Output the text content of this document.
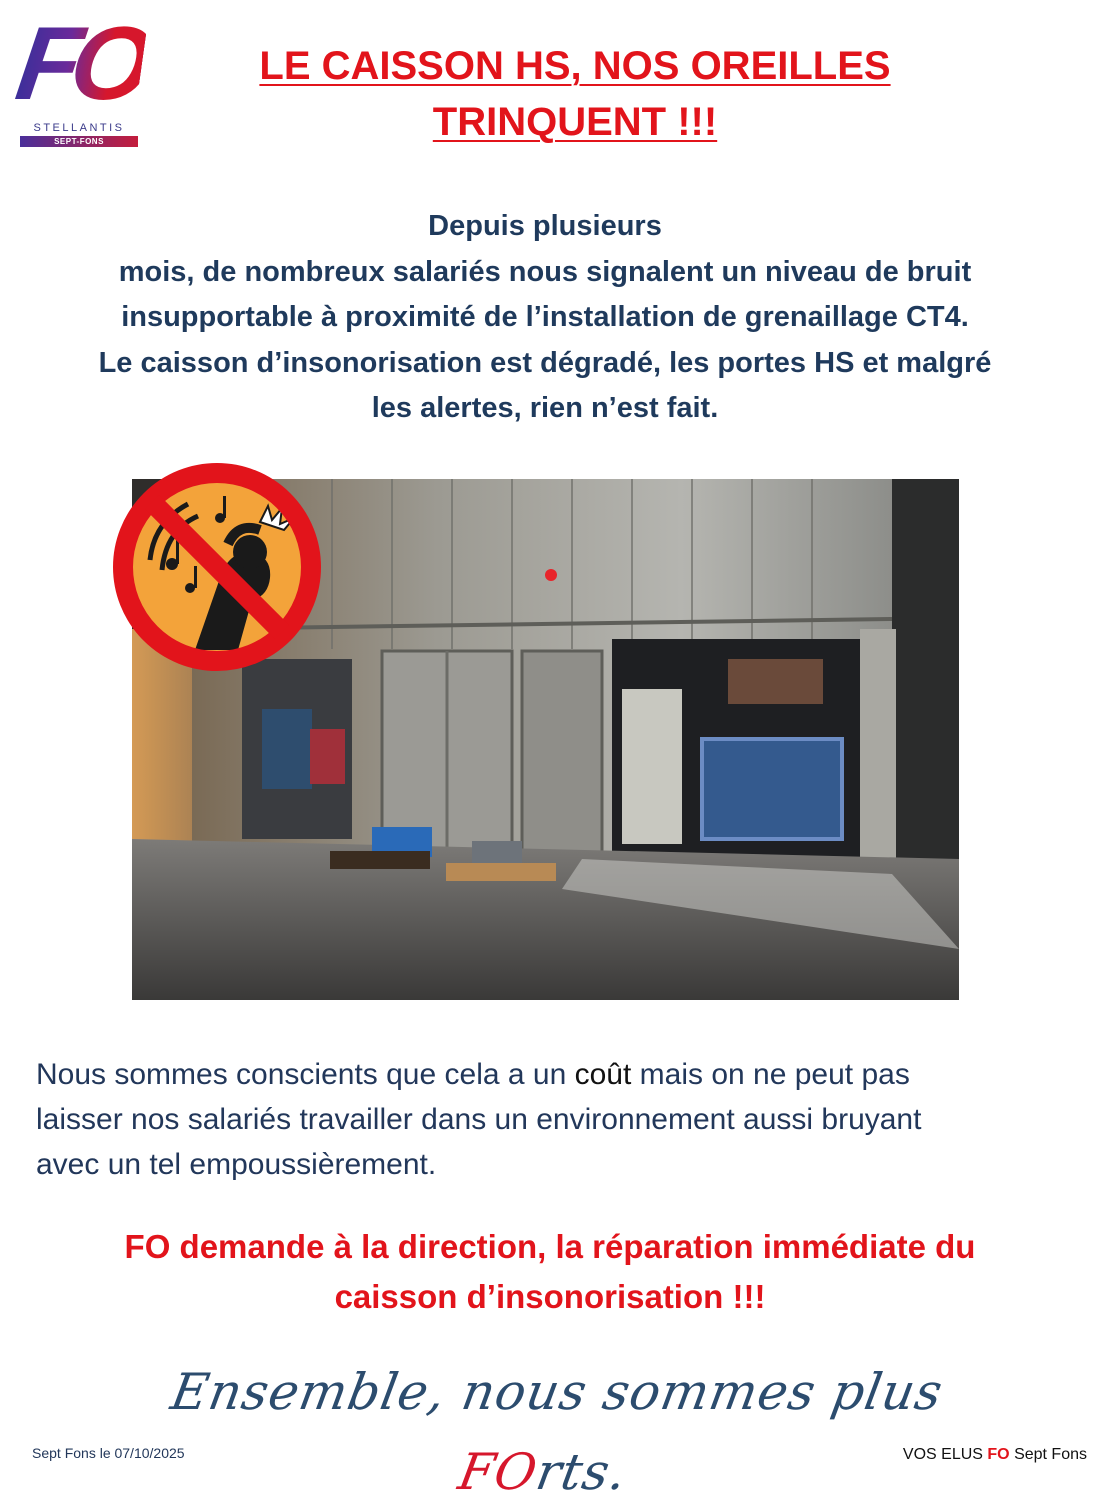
FO
STELLANTIS
SEPT-FONS
LE CAISSON HS, NOS OREILLES
TRINQUENT !!!
Depuis plusieurs
mois, de nombreux salariés nous signalent un niveau de bruit
insupportable à proximité de l’installation de grenaillage CT4.
Le caisson d’insonorisation est dégradé, les portes HS et malgré
les alertes, rien n’est fait.
Nous sommes conscients que cela a un coût mais on ne peut pas
laisser nos salariés travailler dans un environnement aussi bruyant
avec un tel empoussièrement.
FO demande à la direction, la réparation immédiate du
caisson d’insonorisation !!!
Ensemble, nous sommes plus FOrts.
Sept Fons le 07/10/2025	VOS ELUS FO Sept Fons
